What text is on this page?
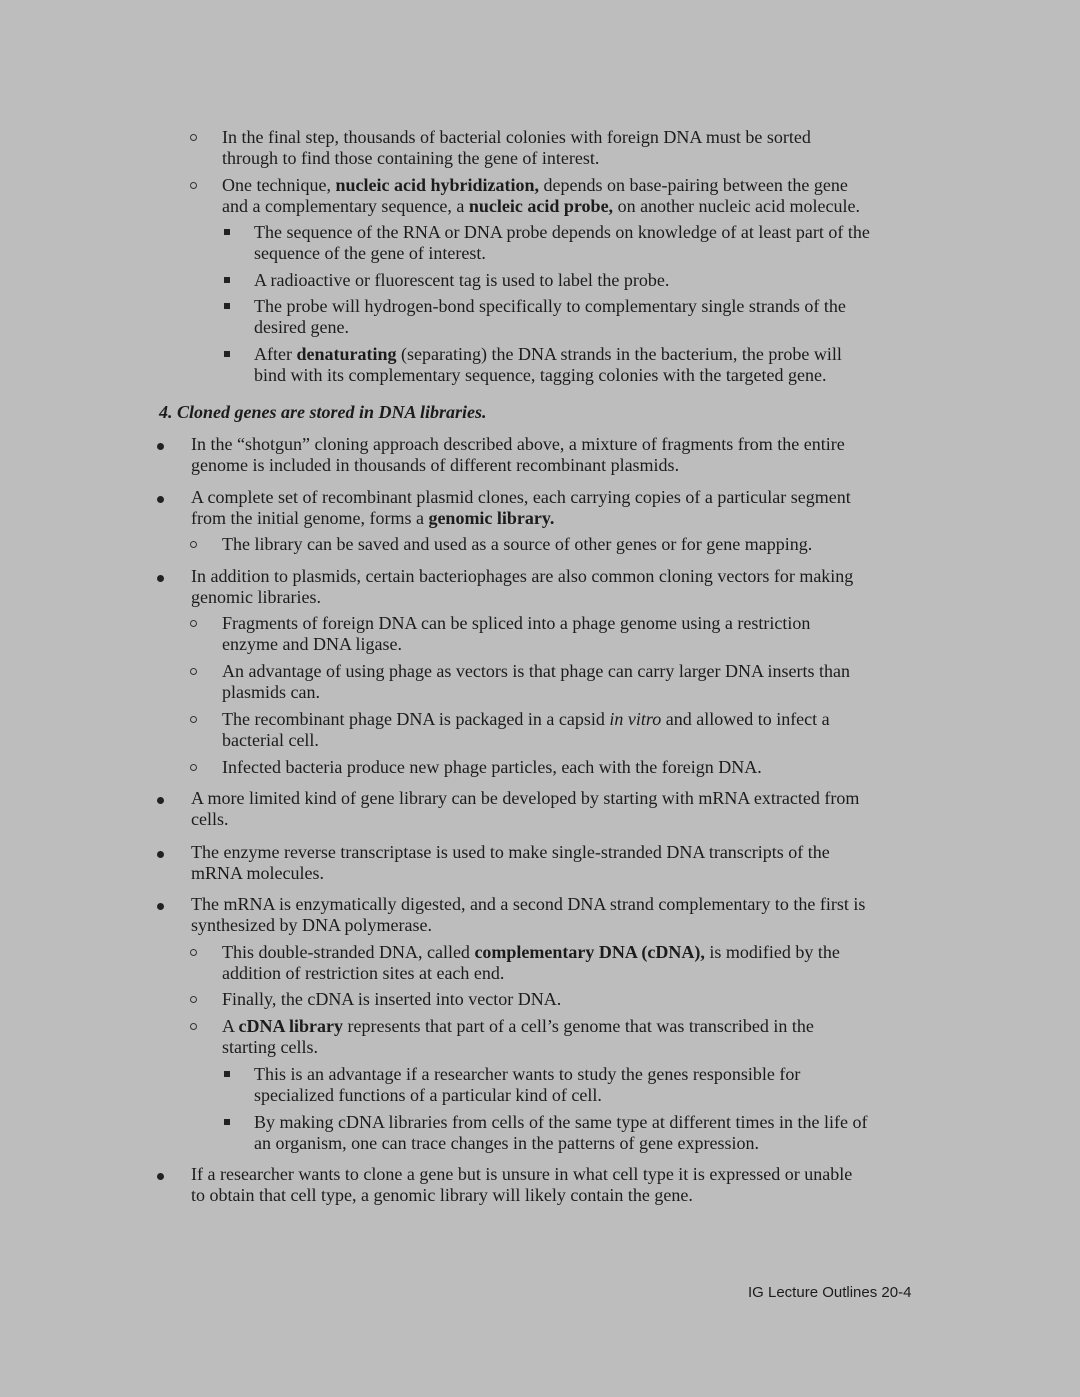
In the final step, thousands of bacterial colonies with foreign DNA must be sorted

through to find those containing the gene of interest.

One technique, nucleic acid hybridization, depends on base-pairing between the gene

and a complementary sequence, a nucleic acid probe, on another nucleic acid molecule.

The sequence of the RNA or DNA probe depends on knowledge of at least part of the

sequence of the gene of interest.

A radioactive or fluorescent tag is used to label the probe.

The probe will hydrogen-bond specifically to complementary single strands of the

desired gene.

After denaturating (separating) the DNA strands in the bacterium, the probe will

bind with its complementary sequence, tagging colonies with the targeted gene.

In the “shotgun” cloning approach described above, a mixture of fragments from the entire

genome is included in thousands of different recombinant plasmids.

A complete set of recombinant plasmid clones, each carrying copies of a particular segment

from the initial genome, forms a genomic library.

The library can be saved and used as a source of other genes or for gene mapping.

In addition to plasmids, certain bacteriophages are also common cloning vectors for making

genomic libraries.

Fragments of foreign DNA can be spliced into a phage genome using a restriction

enzyme and DNA ligase.

An advantage of using phage as vectors is that phage can carry larger DNA inserts than

plasmids can.

The recombinant phage DNA is packaged in a capsid in vitro and allowed to infect a

bacterial cell.

Infected bacteria produce new phage particles, each with the foreign DNA.

A more limited kind of gene library can be developed by starting with mRNA extracted from

cells.

The enzyme reverse transcriptase is used to make single-stranded DNA transcripts of the

mRNA molecules.

The mRNA is enzymatically digested, and a second DNA strand complementary to the first is

synthesized by DNA polymerase.

This double-stranded DNA, called complementary DNA (cDNA), is modified by the

addition of restriction sites at each end.

Finally, the cDNA is inserted into vector DNA.

A cDNA library represents that part of a cell’s genome that was transcribed in the

starting cells.

This is an advantage if a researcher wants to study the genes responsible for

specialized functions of a particular kind of cell.

By making cDNA libraries from cells of the same type at different times in the life of

an organism, one can trace changes in the patterns of gene expression.

If a researcher wants to clone a gene but is unsure in what cell type it is expressed or unable

to obtain that cell type, a genomic library will likely contain the gene.

4. Cloned genes are stored in DNA libraries.

IG Lecture Outlines 20-4
